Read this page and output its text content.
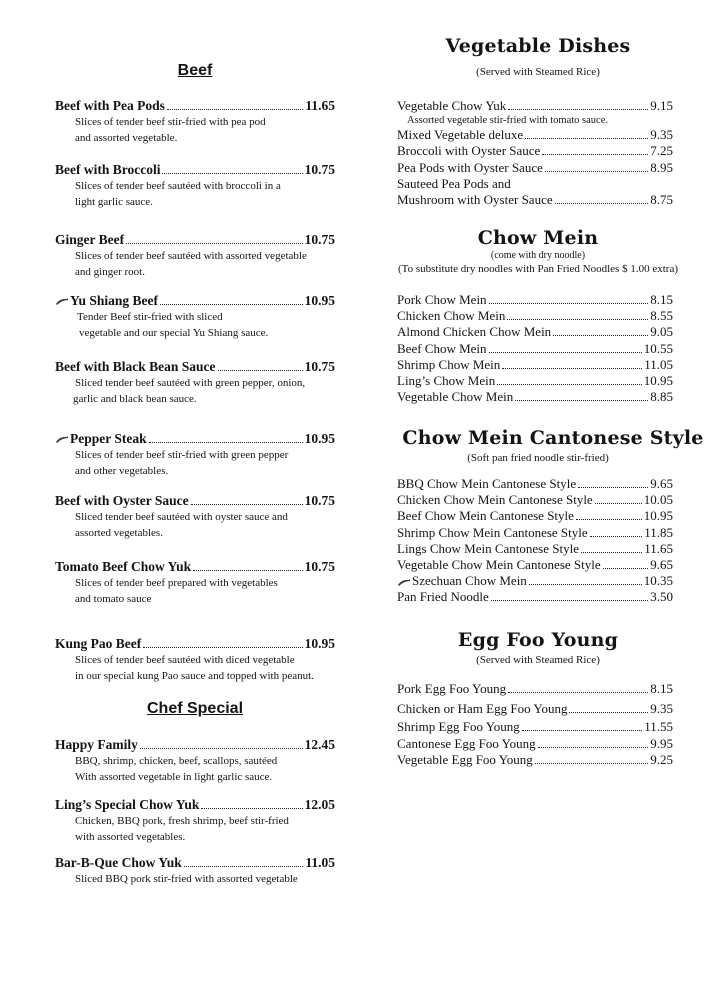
Beef
Beef with Pea Pods	11.65
Slices of tender beef stir-fried with pea pod
and assorted vegetable.
Beef with Broccoli	10.75
Slices of tender beef sautéed with broccoli in a
light garlic sauce.
Ginger Beef	10.75
Slices of tender beef sautéed with assorted vegetable
and ginger root.
Yu Shiang Beef	10.95
Tender Beef stir-fried with sliced
vegetable and our special Yu Shiang sauce.
Beef with Black Bean Sauce	10.75
Sliced tender beef sautéed with green pepper, onion,
garlic and black bean sauce.
Pepper Steak	10.95
Slices of tender beef stir-fried with green pepper
and other vegetables.
Beef with Oyster Sauce	10.75
Sliced tender beef sautéed with oyster sauce and
assorted vegetables.
Tomato Beef Chow Yuk	10.75
Slices of tender beef prepared with vegetables
and tomato sauce
Kung Pao Beef	10.95
Slices of tender beef sautéed with diced vegetable
in our special kung Pao sauce and topped with peanut.
Chef Special
Happy Family	12.45
BBQ, shrimp, chicken, beef, scallops, sautéed
With assorted vegetable in light garlic sauce.
Ling’s Special Chow Yuk	12.05
Chicken, BBQ pork, fresh shrimp, beef stir-fried
with assorted vegetables.
Bar-B-Que Chow Yuk	11.05
Sliced BBQ pork stir-fried with assorted vegetable
Vegetable Dishes
(Served with Steamed Rice)
Vegetable Chow Yuk	9.15
Assorted vegetable stir-fried with tomato sauce.
Mixed Vegetable deluxe	9.35
Broccoli with Oyster Sauce	7.25
Pea Pods with Oyster Sauce	8.95
Sauteed Pea Pods and
Mushroom with Oyster Sauce	8.75
Chow Mein
(come with dry noodle)
(To substitute dry noodles with Pan Fried Noodles $ 1.00 extra)
Pork Chow Mein	8.15
Chicken Chow Mein	8.55
Almond Chicken Chow Mein	9.05
Beef Chow Mein	10.55
Shrimp Chow Mein	11.05
Ling’s Chow Mein	10.95
Vegetable Chow Mein	8.85
Chow Mein Cantonese Style
(Soft pan fried noodle stir-fried)
BBQ Chow Mein Cantonese Style	9.65
Chicken Chow Mein Cantonese Style	10.05
Beef Chow Mein Cantonese Style	10.95
Shrimp Chow Mein Cantonese Style	11.85
Lings Chow Mein Cantonese Style	11.65
Vegetable Chow Mein Cantonese Style	9.65
Szechuan Chow Mein	10.35
Pan Fried Noodle	3.50
Egg Foo Young
(Served with Steamed Rice)
Pork Egg Foo Young	8.15
Chicken or Ham Egg Foo Young	9.35
Shrimp Egg Foo Young	11.55
Cantonese Egg Foo Young	9.95
Vegetable Egg Foo Young	9.25
